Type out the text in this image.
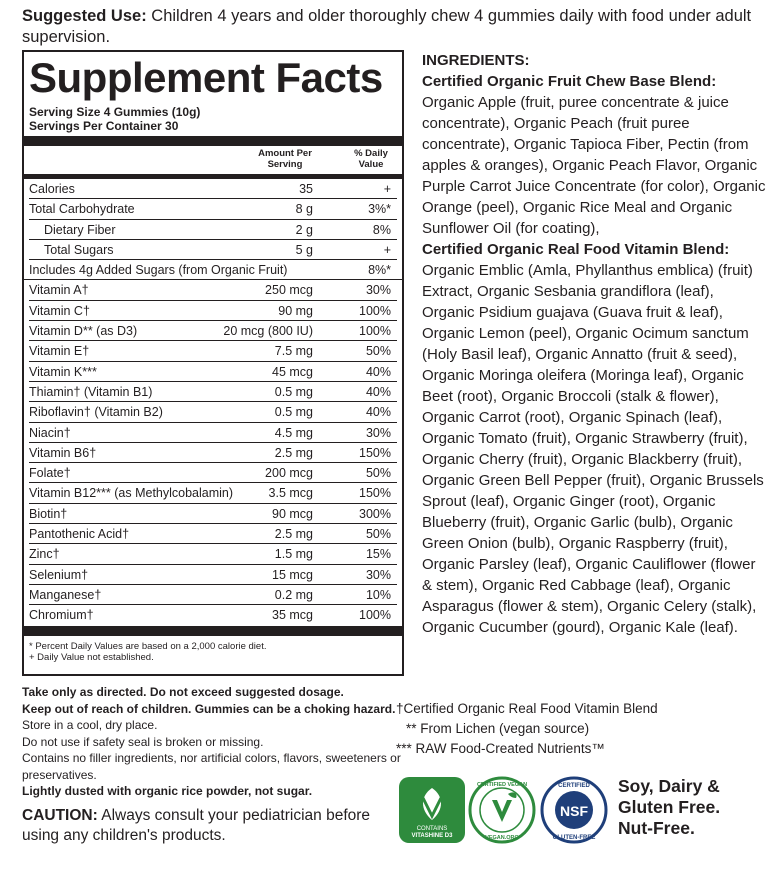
Suggested Use: Children 4 years and older thoroughly chew 4 gummies daily with food under adult supervision.
Supplement Facts
Serving Size 4 Gummies (10g)
Servings Per Container 30
Amount Per Serving
% Daily Value
Calories	35	+
Total Carbohydrate	8 g	3%*
Dietary Fiber	2 g	8%
Total Sugars	5 g	+
Includes 4g Added Sugars (from Organic Fruit)	8%*
Vitamin A†	250 mcg	30%
Vitamin C†	90 mg	100%
Vitamin D** (as D3)	20 mcg (800 IU)	100%
Vitamin E†	7.5 mg	50%
Vitamin K***	45 mcg	40%
Thiamin† (Vitamin B1)	0.5 mg	40%
Riboflavin† (Vitamin B2)	0.5 mg	40%
Niacin†	4.5 mg	30%
Vitamin B6†	2.5 mg	150%
Folate†	200 mcg	50%
Vitamin B12*** (as Methylcobalamin)	3.5 mcg	150%
Biotin†	90 mcg	300%
Pantothenic Acid†	2.5 mg	50%
Zinc†	1.5 mg	15%
Selenium†	15 mcg	30%
Manganese†	0.2 mg	10%
Chromium†	35 mcg	100%
* Percent Daily Values are based on a 2,000 calorie diet.
+ Daily Value not established.
INGREDIENTS:
Certified Organic Fruit Chew Base Blend: Organic Apple (fruit, puree concentrate & juice concentrate), Organic Peach (fruit puree concentrate), Organic Tapioca Fiber, Pectin (from apples & oranges), Organic Peach Flavor, Organic Purple Carrot Juice Concentrate (for color), Organic Orange (peel), Organic Rice Meal and Organic Sunflower Oil (for coating),
Certified Organic Real Food Vitamin Blend: Organic Emblic (Amla, Phyllanthus emblica) (fruit) Extract, Organic Sesbania grandiflora (leaf), Organic Psidium guajava (Guava fruit & leaf), Organic Lemon (peel), Organic Ocimum sanctum (Holy Basil leaf), Organic Annatto (fruit & seed), Organic Moringa oleifera (Moringa leaf), Organic Beet (root), Organic Broccoli (stalk & flower), Organic Carrot (root), Organic Spinach (leaf), Organic Tomato (fruit), Organic Strawberry (fruit), Organic Cherry (fruit), Organic Blackberry (fruit), Organic Green Bell Pepper (fruit), Organic Brussels Sprout (leaf), Organic Ginger (root), Organic Blueberry (fruit), Organic Garlic (bulb), Organic Green Onion (bulb), Organic Raspberry (fruit), Organic Parsley (leaf), Organic Cauliflower (flower & stem), Organic Red Cabbage (leaf), Organic Asparagus (flower & stem), Organic Celery (stalk), Organic Cucumber (gourd), Organic Kale (leaf).
Take only as directed. Do not exceed suggested dosage.
Keep out of reach of children. Gummies can be a choking hazard.
Store in a cool, dry place.
Do not use if safety seal is broken or missing.
Contains no filler ingredients, nor artificial colors, flavors, sweeteners or preservatives.
Lightly dusted with organic rice powder, not sugar.
CAUTION: Always consult your pediatrician before using any children's products.
†Certified Organic Real Food Vitamin Blend
** From Lichen (vegan source)
*** RAW Food-Created Nutrients™
CONTAINS
VITASHINE D3
CERTIFIED VEGAN
VEGAN.ORG
NSF
CERTIFIED
GLUTEN-FREE
Soy, Dairy &
Gluten Free.
Nut-Free.
